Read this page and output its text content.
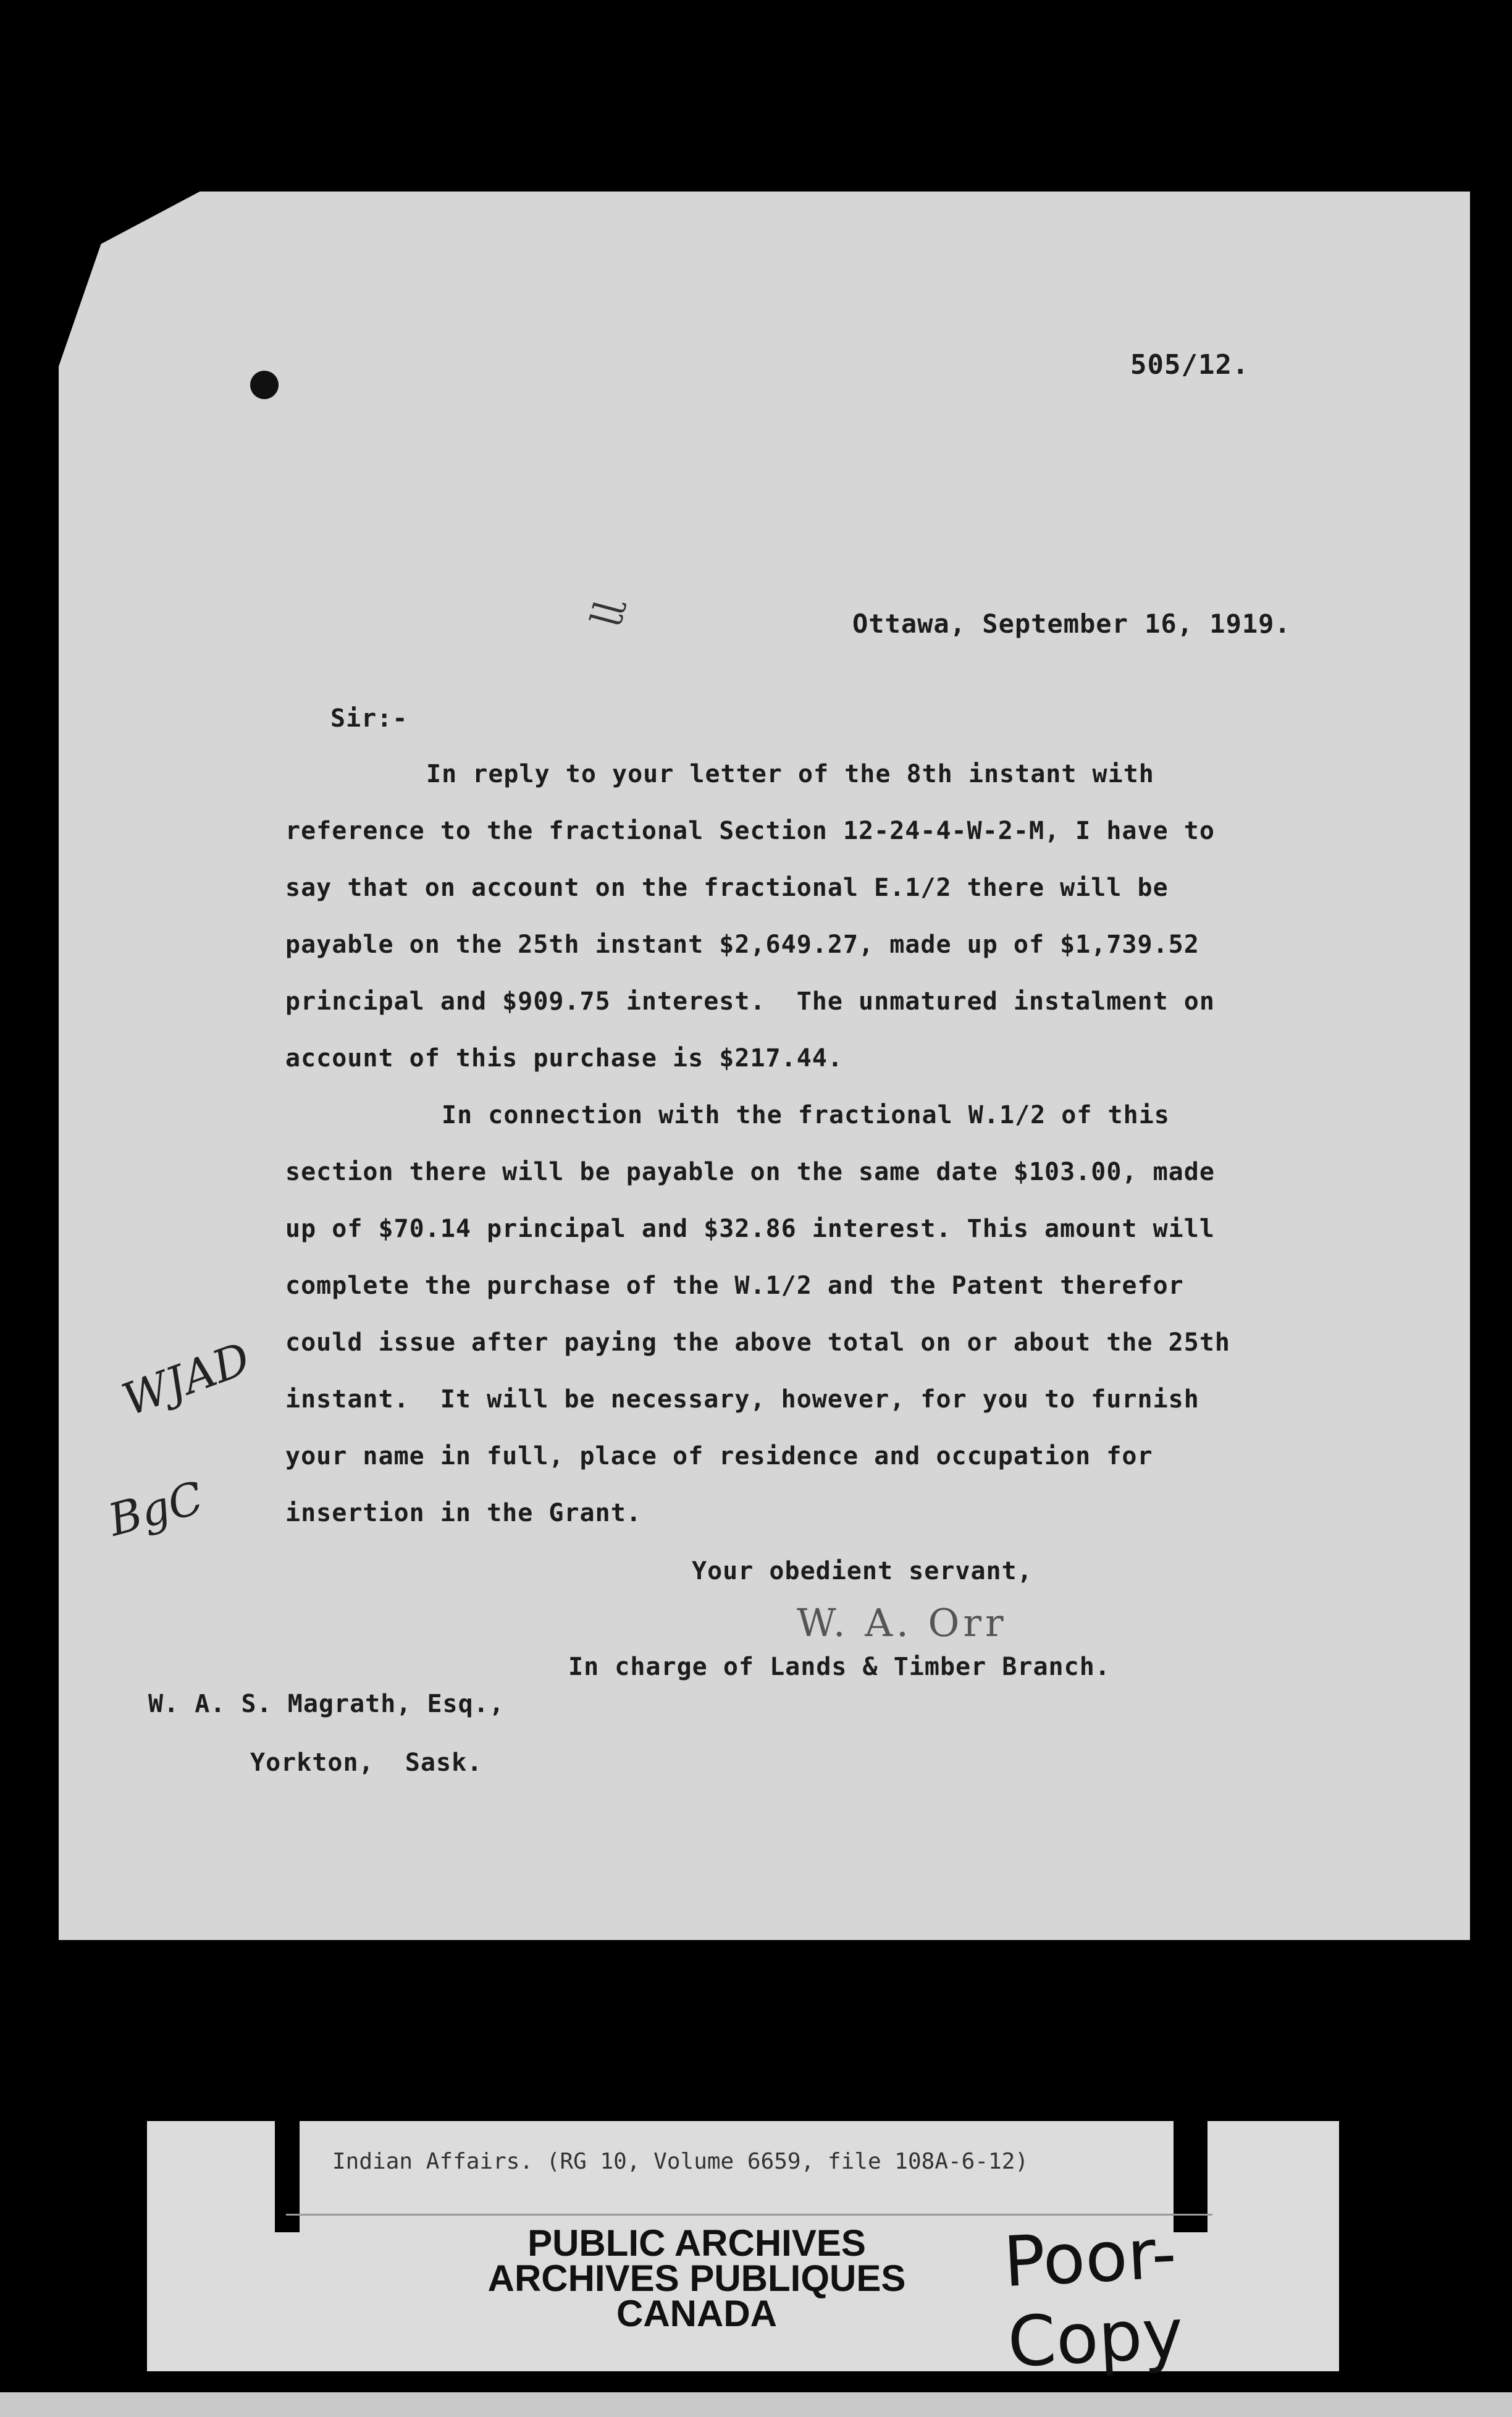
505/12.
ɭɭ	Ottawa, September 16, 1919.
Sir:-
In reply to your letter of the 8th instant with
reference to the fractional Section 12-24-4-W-2-M, I have to
say that on account on the fractional E.1/2 there will be
payable on the 25th instant $2,649.27, made up of $1,739.52
principal and $909.75 interest.  The unmatured instalment on
account of this purchase is $217.44.
In connection with the fractional W.1/2 of this
section there will be payable on the same date $103.00, made
up of $70.14 principal and $32.86 interest. This amount will
complete the purchase of the W.1/2 and the Patent therefor
could issue after paying the above total on or about the 25th
instant.  It will be necessary, however, for you to furnish
your name in full, place of residence and occupation for
insertion in the Grant.
WJAD
BgC
Your obedient servant,
W. A. Orr
In charge of Lands & Timber Branch.
W. A. S. Magrath, Esq.,
Yorkton,  Sask.
Indian Affairs. (RG 10, Volume 6659, file 108A-6-12)
PUBLIC ARCHIVES
ARCHIVES PUBLIQUES
CANADA
Poor-Copy
